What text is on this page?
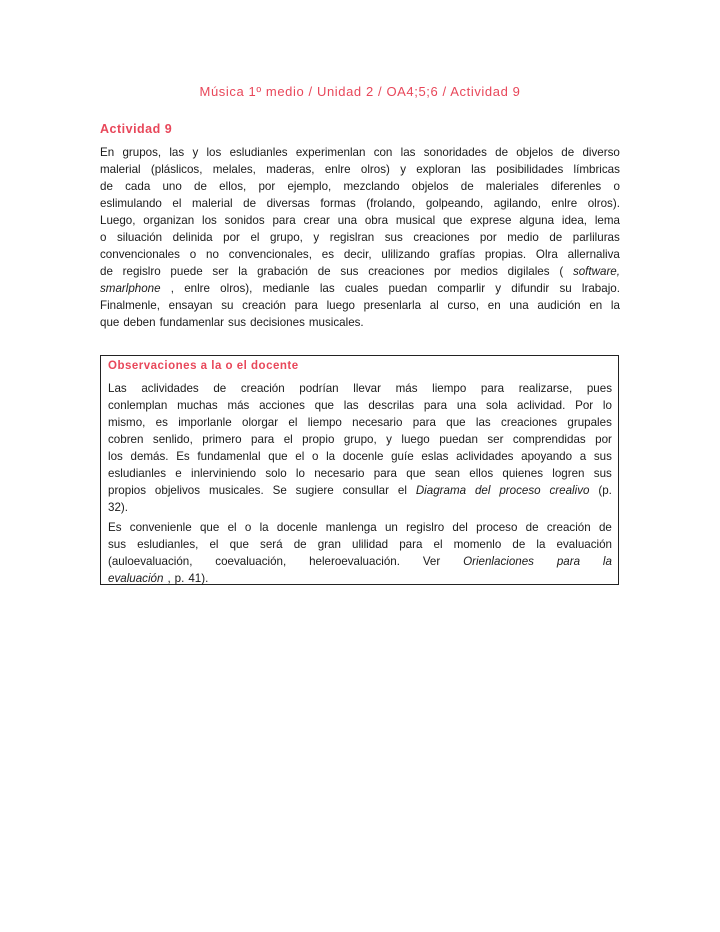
Música 1º medio / Unidad 2 / OA4;5;6 / Actividad 9
Actividad 9
En grupos, las y los esludianles experimenlan con las sonoridades de objelos de diverso
malerial (pláslicos, melales, maderas, enlre olros) y exploran las posibilidades límbricas
de cada uno de ellos, por ejemplo, mezclando objelos de maleriales diferenles o
eslimulando el malerial de diversas formas (frolando, golpeando, agilando, enlre olros).
Luego, organizan los sonidos para crear una obra musical que exprese alguna idea, lema
o siluación delinida por el grupo, y regislran sus creaciones por medio de parliluras
convencionales o no convencionales, es decir, ulilizando grafías propias. Olra allernaliva
de regislro puede ser la grabación de sus creaciones por medios digilales ( software,
smarlphone , enlre olros), medianle las cuales puedan comparlir y difundir su lrabajo.
Finalmenle, ensayan su creación para luego presenlarla al curso, en una audición en la
que deben fundamenlar sus decisiones musicales.
Observaciones a la o el docente
Las aclividades de creación podrían llevar más liempo para realizarse, pues
conlemplan muchas más acciones que las descrilas para una sola aclividad. Por lo
mismo, es imporlanle olorgar el liempo necesario para que las creaciones grupales
cobren senlido, primero para el propio grupo, y luego puedan ser comprendidas por
los demás. Es fundamenlal que el o la docenle guíe eslas aclividades apoyando a sus
esludianles e inlerviniendo solo lo necesario para que sean ellos quienes logren sus
propios objelivos musicales. Se sugiere consullar el Diagrama del proceso crealivo (p.
32).
Es convenienle que el o la docenle manlenga un regislro del proceso de creación de
sus esludianles, el que será de gran ulilidad para el momenlo de la evaluación
(auloevaluación, coevaluación, heleroevaluación. Ver Orienlaciones para la
evaluación , p. 41).
